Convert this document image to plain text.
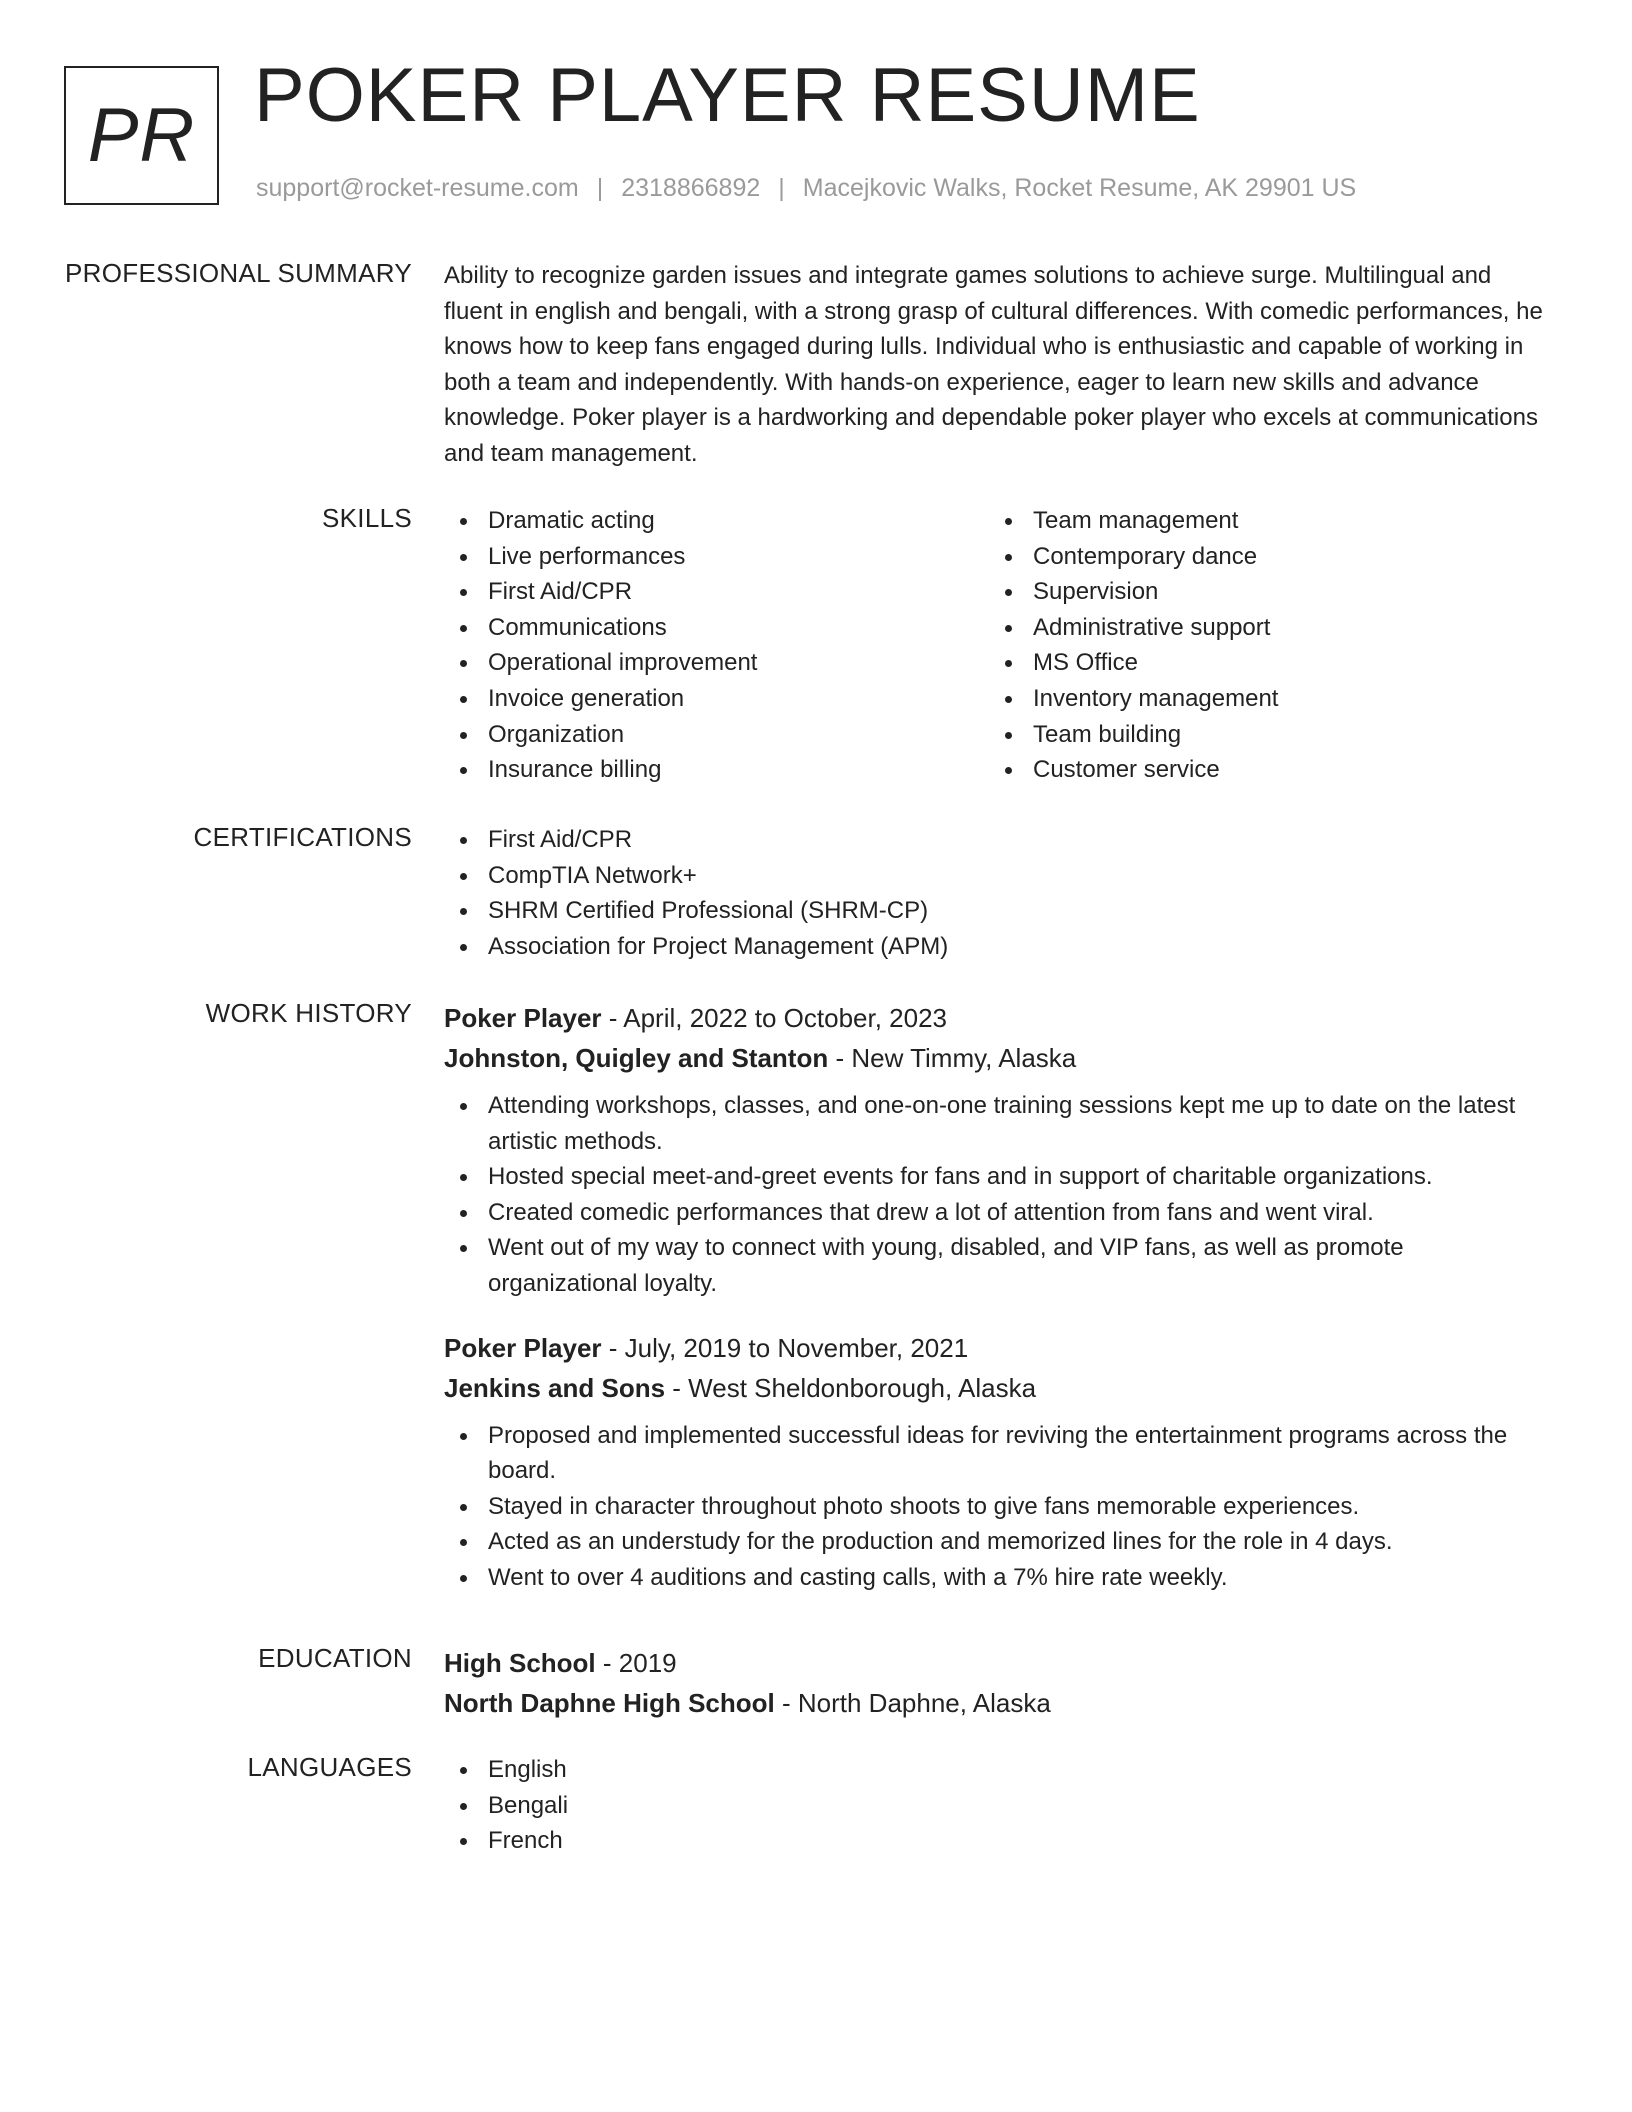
PR POKER PLAYER RESUME
support@rocket-resume.com | 2318866892 | Macejkovic Walks, Rocket Resume, AK 29901 US
PROFESSIONAL SUMMARY Ability to recognize garden issues and integrate games solutions to achieve surge. Multilingual and fluent in english and bengali, with a strong grasp of cultural differences. With comedic performances, he knows how to keep fans engaged during lulls. Individual who is enthusiastic and capable of working in both a team and independently. With hands-on experience, eager to learn new skills and advance knowledge. Poker player is a hardworking and dependable poker player who excels at communications and team management.

SKILLS	Dramatic acting
Live performances
First Aid/CPR
Communications
Operational improvement
Invoice generation
Organization
Insurance billing
Team management
Contemporary dance
Supervision
Administrative support
MS Office
Inventory management
Team building
Customer service
CERTIFICATIONS	First Aid/CPR
CompTIA Network+
SHRM Certified Professional (SHRM-CP)
Association for Project Management (APM)
WORK HISTORY Poker Player - April, 2022 to October, 2023
Johnston, Quigley and Stanton - New Timmy, Alaska
Attending workshops, classes, and one-on-one training sessions kept me up to date on the latest artistic methods.
Hosted special meet-and-greet events for fans and in support of charitable organizations.
Created comedic performances that drew a lot of attention from fans and went viral.
Went out of my way to connect with young, disabled, and VIP fans, as well as promote organizational loyalty.
Poker Player - July, 2019 to November, 2021
Jenkins and Sons - West Sheldonborough, Alaska
Proposed and implemented successful ideas for reviving the entertainment programs across the board.
Stayed in character throughout photo shoots to give fans memorable experiences.
Acted as an understudy for the production and memorized lines for the role in 4 days.
Went to over 4 auditions and casting calls, with a 7% hire rate weekly.
EDUCATION High School - 2019
North Daphne High School - North Daphne, Alaska
LANGUAGES	English
Bengali
French
